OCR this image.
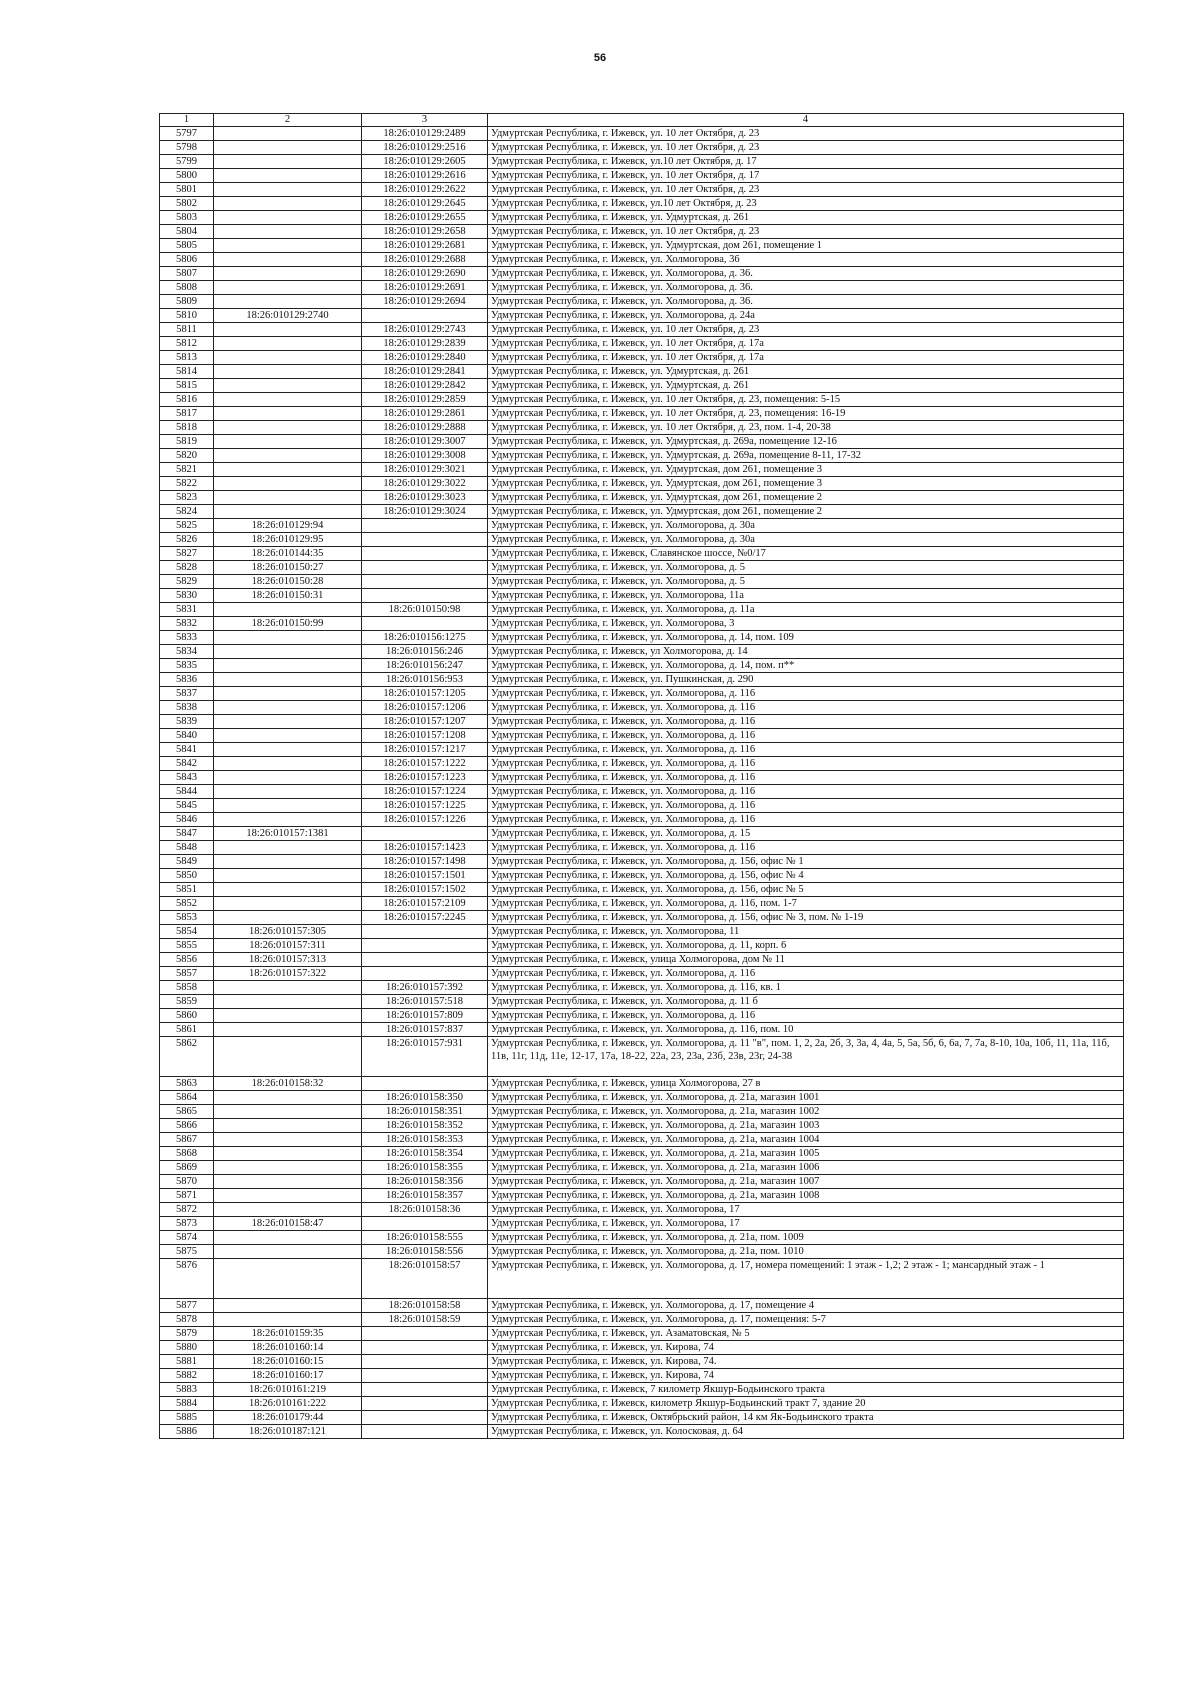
56
1	2	3	4
5797		18:26:010129:2489	Удмуртская Республика, г. Ижевск, ул. 10 лет Октября, д. 23
5798		18:26:010129:2516	Удмуртская Республика, г. Ижевск, ул. 10 лет Октября, д. 23
5799		18:26:010129:2605	Удмуртская Республика, г. Ижевск, ул.10 лет Октября, д. 17
5800		18:26:010129:2616	Удмуртская Республика, г. Ижевск, ул. 10 лет Октября, д. 17
5801		18:26:010129:2622	Удмуртская Республика, г. Ижевск, ул. 10 лет Октября, д. 23
5802		18:26:010129:2645	Удмуртская Республика, г. Ижевск, ул.10 лет Октября, д. 23
5803		18:26:010129:2655	Удмуртская Республика, г. Ижевск, ул. Удмуртская, д. 261
5804		18:26:010129:2658	Удмуртская Республика, г. Ижевск, ул. 10 лет Октября, д. 23
5805		18:26:010129:2681	Удмуртская Республика, г. Ижевск, ул. Удмуртская, дом 261, помещение 1
5806		18:26:010129:2688	Удмуртская Республика, г. Ижевск, ул. Холмогорова, 36
5807		18:26:010129:2690	Удмуртская Республика, г. Ижевск, ул. Холмогорова, д. 36.
5808		18:26:010129:2691	Удмуртская Республика, г. Ижевск, ул. Холмогорова, д. 36.
5809		18:26:010129:2694	Удмуртская Республика, г. Ижевск, ул. Холмогорова, д. 36.
5810	18:26:010129:2740		Удмуртская Республика, г. Ижевск, ул. Холмогорова, д. 24а
5811		18:26:010129:2743	Удмуртская Республика, г. Ижевск, ул. 10 лет Октября, д. 23
5812		18:26:010129:2839	Удмуртская Республика, г. Ижевск, ул. 10 лет Октября, д. 17а
5813		18:26:010129:2840	Удмуртская Республика, г. Ижевск, ул. 10 лет Октября, д. 17а
5814		18:26:010129:2841	Удмуртская Республика, г. Ижевск, ул. Удмуртская, д. 261
5815		18:26:010129:2842	Удмуртская Республика, г. Ижевск, ул. Удмуртская, д. 261
5816		18:26:010129:2859	Удмуртская Республика, г. Ижевск, ул. 10 лет Октября, д. 23, помещения: 5-15
5817		18:26:010129:2861	Удмуртская Республика, г. Ижевск, ул. 10 лет Октября, д. 23, помещения: 16-19
5818		18:26:010129:2888	Удмуртская Республика, г. Ижевск, ул. 10 лет Октября, д. 23, пом. 1-4, 20-38
5819		18:26:010129:3007	Удмуртская Республика, г. Ижевск, ул. Удмуртская, д. 269а, помещение 12-16
5820		18:26:010129:3008	Удмуртская Республика, г. Ижевск, ул. Удмуртская, д. 269а, помещение 8-11, 17-32
5821		18:26:010129:3021	Удмуртская Республика, г. Ижевск, ул. Удмуртская, дом 261, помещение 3
5822		18:26:010129:3022	Удмуртская Республика, г. Ижевск, ул. Удмуртская, дом 261, помещение 3
5823		18:26:010129:3023	Удмуртская Республика, г. Ижевск, ул. Удмуртская, дом 261, помещение 2
5824		18:26:010129:3024	Удмуртская Республика, г. Ижевск, ул. Удмуртская, дом 261, помещение 2
5825	18:26:010129:94		Удмуртская Республика, г. Ижевск, ул. Холмогорова, д. 30а
5826	18:26:010129:95		Удмуртская Республика, г. Ижевск, ул. Холмогорова, д. 30а
5827	18:26:010144:35		Удмуртская Республика, г. Ижевск, Славянское шоссе, №0/17
5828	18:26:010150:27		Удмуртская Республика, г. Ижевск, ул. Холмогорова, д. 5
5829	18:26:010150:28		Удмуртская Республика, г. Ижевск, ул. Холмогорова, д. 5
5830	18:26:010150:31		Удмуртская Республика, г. Ижевск, ул. Холмогорова, 11а
5831		18:26:010150:98	Удмуртская Республика, г. Ижевск, ул. Холмогорова, д. 11а
5832	18:26:010150:99		Удмуртская Республика, г. Ижевск, ул. Холмогорова, 3
5833		18:26:010156:1275	Удмуртская Республика, г. Ижевск, ул. Холмогорова, д. 14, пом. 109
5834		18:26:010156:246	Удмуртская Республика, г. Ижевск, ул Холмогорова, д. 14
5835		18:26:010156:247	Удмуртская Республика, г. Ижевск, ул. Холмогорова, д. 14, пом. п**
5836		18:26:010156:953	Удмуртская Республика, г. Ижевск, ул. Пушкинская, д. 290
5837		18:26:010157:1205	Удмуртская Республика, г. Ижевск, ул. Холмогорова, д. 116
5838		18:26:010157:1206	Удмуртская Республика, г. Ижевск, ул. Холмогорова, д. 116
5839		18:26:010157:1207	Удмуртская Республика, г. Ижевск, ул. Холмогорова, д. 116
5840		18:26:010157:1208	Удмуртская Республика, г. Ижевск, ул. Холмогорова, д. 116
5841		18:26:010157:1217	Удмуртская Республика, г. Ижевск, ул. Холмогорова, д. 116
5842		18:26:010157:1222	Удмуртская Республика, г. Ижевск, ул. Холмогорова, д. 116
5843		18:26:010157:1223	Удмуртская Республика, г. Ижевск, ул. Холмогорова, д. 116
5844		18:26:010157:1224	Удмуртская Республика, г. Ижевск, ул. Холмогорова, д. 116
5845		18:26:010157:1225	Удмуртская Республика, г. Ижевск, ул. Холмогорова, д. 116
5846		18:26:010157:1226	Удмуртская Республика, г. Ижевск, ул. Холмогорова, д. 116
5847	18:26:010157:1381		Удмуртская Республика, г. Ижевск, ул. Холмогорова, д. 15
5848		18:26:010157:1423	Удмуртская Республика, г. Ижевск, ул. Холмогорова, д. 116
5849		18:26:010157:1498	Удмуртская Республика, г. Ижевск, ул. Холмогорова, д. 156, офис № 1
5850		18:26:010157:1501	Удмуртская Республика, г. Ижевск, ул. Холмогорова, д. 156, офис № 4
5851		18:26:010157:1502	Удмуртская Республика, г. Ижевск, ул. Холмогорова, д. 156, офис № 5
5852		18:26:010157:2109	Удмуртская Республика, г. Ижевск, ул. Холмогорова, д. 116, пом. 1-7
5853		18:26:010157:2245	Удмуртская Республика, г. Ижевск, ул. Холмогорова, д. 156, офис № 3, пом. № 1-19
5854	18:26:010157:305		Удмуртская Республика, г. Ижевск, ул. Холмогорова, 11
5855	18:26:010157:311		Удмуртская Республика, г. Ижевск, ул. Холмогорова, д. 11, корп. 6
5856	18:26:010157:313		Удмуртская Республика, г. Ижевск, улица Холмогорова, дом № 11
5857	18:26:010157:322		Удмуртская Республика, г. Ижевск, ул. Холмогорова, д. 116
5858		18:26:010157:392	Удмуртская Республика, г. Ижевск, ул. Холмогорова, д. 116, кв. 1
5859		18:26:010157:518	Удмуртская Республика, г. Ижевск, ул. Холмогорова, д. 11 б
5860		18:26:010157:809	Удмуртская Республика, г. Ижевск, ул. Холмогорова, д. 116
5861		18:26:010157:837	Удмуртская Республика, г. Ижевск, ул. Холмогорова, д. 116, пом. 10
5862		18:26:010157:931	Удмуртская Республика, г. Ижевск, ул. Холмогорова, д. 11 "в", пом. 1, 2, 2а, 2б, 3, 3а, 4, 4а, 5, 5а, 5б, 6, 6а, 7, 7а, 8-10, 10а, 10б, 11, 11а, 11б, 11в, 11г, 11д, 11е, 12-17, 17а, 18-22, 22а, 23, 23а, 23б, 23в, 23г, 24-38
5863	18:26:010158:32		Удмуртская Республика, г. Ижевск, улица Холмогорова, 27 в
5864		18:26:010158:350	Удмуртская Республика, г. Ижевск, ул. Холмогорова, д. 21а, магазин 1001
5865		18:26:010158:351	Удмуртская Республика, г. Ижевск, ул. Холмогорова, д. 21а, магазин 1002
5866		18:26:010158:352	Удмуртская Республика, г. Ижевск, ул. Холмогорова, д. 21а, магазин 1003
5867		18:26:010158:353	Удмуртская Республика, г. Ижевск, ул. Холмогорова, д. 21а, магазин 1004
5868		18:26:010158:354	Удмуртская Республика, г. Ижевск, ул. Холмогорова, д. 21а, магазин 1005
5869		18:26:010158:355	Удмуртская Республика, г. Ижевск, ул. Холмогорова, д. 21а, магазин 1006
5870		18:26:010158:356	Удмуртская Республика, г. Ижевск, ул. Холмогорова, д. 21а, магазин 1007
5871		18:26:010158:357	Удмуртская Республика, г. Ижевск, ул. Холмогорова, д. 21а, магазин 1008
5872		18:26:010158:36	Удмуртская Республика, г. Ижевск, ул. Холмогорова, 17
5873	18:26:010158:47		Удмуртская Республика, г. Ижевск, ул. Холмогорова, 17
5874		18:26:010158:555	Удмуртская Республика, г. Ижевск, ул. Холмогорова, д. 21а, пом. 1009
5875		18:26:010158:556	Удмуртская Республика, г. Ижевск, ул. Холмогорова, д. 21а, пом. 1010
5876		18:26:010158:57	Удмуртская Республика, г. Ижевск, ул. Холмогорова, д. 17, номера помещений: 1 этаж - 1,2; 2 этаж - 1; мансардный этаж - 1
5877		18:26:010158:58	Удмуртская Республика, г. Ижевск, ул. Холмогорова, д. 17, помещение 4
5878		18:26:010158:59	Удмуртская Республика, г. Ижевск, ул. Холмогорова, д. 17, помещения: 5-7
5879	18:26:010159:35		Удмуртская Республика, г. Ижевск, ул. Азаматовская, № 5
5880	18:26:010160:14		Удмуртская Республика, г. Ижевск, ул. Кирова, 74
5881	18:26:010160:15		Удмуртская Республика, г. Ижевск, ул. Кирова, 74.
5882	18:26:010160:17		Удмуртская Республика, г. Ижевск, ул. Кирова, 74
5883	18:26:010161:219		Удмуртская Республика, г. Ижевск, 7 километр Якшур-Бодьинского тракта
5884	18:26:010161:222		Удмуртская Республика, г. Ижевск, километр Якшур-Бодьинский тракт 7, здание 20
5885	18:26:010179:44		Удмуртская Республика, г. Ижевск, Октябрьский район, 14 км Як-Бодьинского тракта
5886	18:26:010187:121		Удмуртская Республика, г. Ижевск, ул. Колосковая, д. 64
